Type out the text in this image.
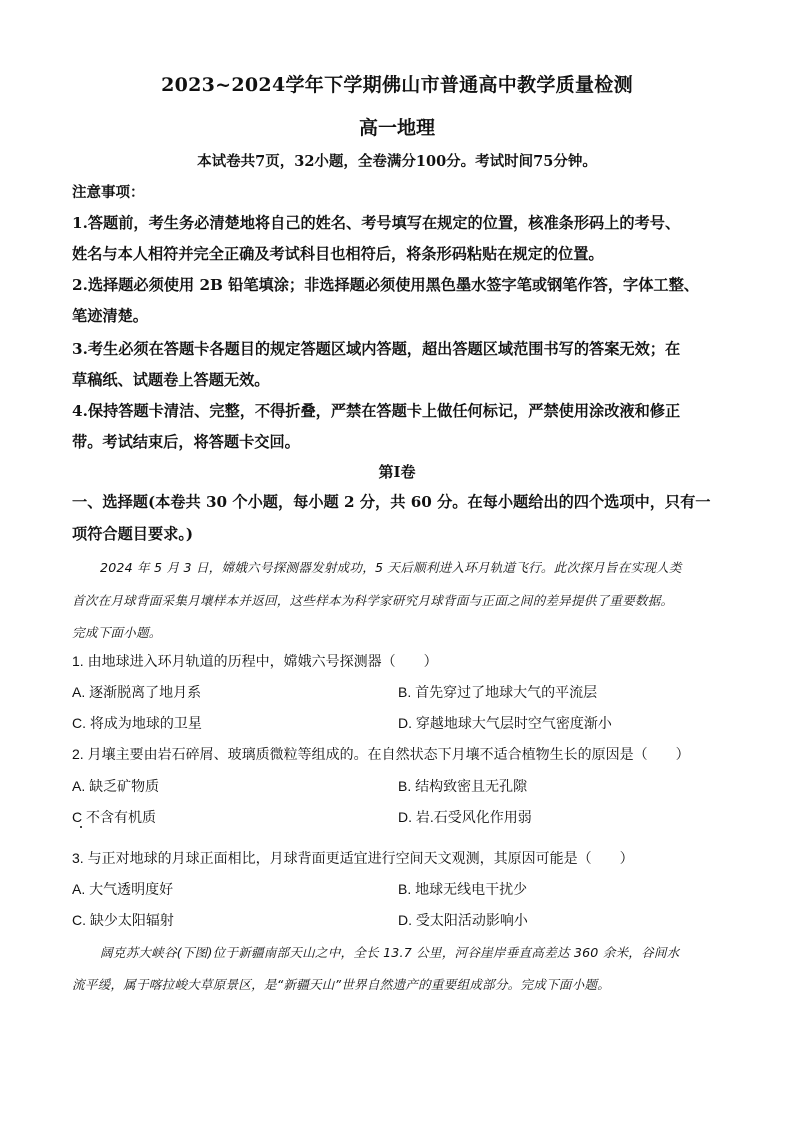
2023~2024学年下学期佛山市普通高中教学质量检测
高一地理
本试卷共7页，32小题，全卷满分100分。考试时间75分钟。
注意事项：
1.答题前，考生务必清楚地将自己的姓名、考号填写在规定的位置，核准条形码上的考号、
姓名与本人相符并完全正确及考试科目也相符后，将条形码粘贴在规定的位置。
2.选择题必须使用 2B 铅笔填涂；非选择题必须使用黑色墨水签字笔或钢笔作答，字体工整、
笔迹清楚。
3.考生必须在答题卡各题目的规定答题区域内答题，超出答题区域范围书写的答案无效；在
草稿纸、试题卷上答题无效。
4.保持答题卡清洁、完整，不得折叠，严禁在答题卡上做任何标记，严禁使用涂改液和修正
带。考试结束后，将答题卡交回。
第I卷
一、选择题(本卷共 30 个小题，每小题 2 分，共 60 分。在每小题给出的四个选项中，只有一
项符合题目要求。)
2024 年 5 月 3 日，嫦娥六号探测器发射成功，5 天后顺利进入环月轨道飞行。此次探月旨在实现人类
首次在月球背面采集月壤样本并返回，这些样本为科学家研究月球背面与正面之间的差异提供了重要数据。
完成下面小题。
1. 由地球进入环月轨道的历程中，嫦娥六号探测器（　　）
A. 逐渐脱离了地月系	B. 首先穿过了地球大气的平流层
C. 将成为地球的卫星	D. 穿越地球大气层时空气密度渐小
2. 月壤主要由岩石碎屑、玻璃质微粒等组成的。在自然状态下月壤不适合植物生长的原因是（　　）
A. 缺乏矿物质	B. 结构致密且无孔隙
C 不含有机质	D. 岩.石受风化作用弱
3. 与正对地球的月球正面相比，月球背面更适宜进行空间天文观测，其原因可能是（　　）
A. 大气透明度好	B. 地球无线电干扰少
C. 缺少太阳辐射	D. 受太阳活动影响小
阔克苏大峡谷(下图)位于新疆南部天山之中，全长 13.7 公里，河谷崖岸垂直高差达 360 余米，谷间水
流平缓，属于喀拉峻大草原景区，是“新疆天山”世界自然遗产的重要组成部分。完成下面小题。
